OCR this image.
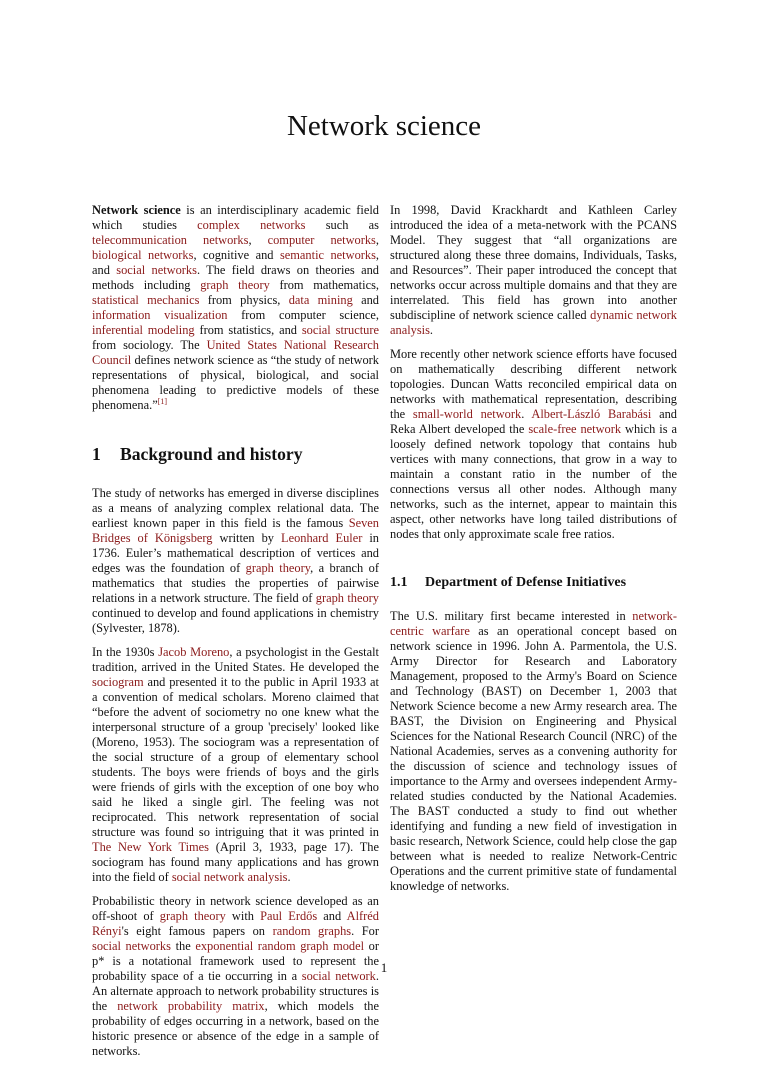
Network science

Network science is an interdisciplinary academic field which studies complex networks such as telecommunication networks, computer networks, biological networks, cognitive and semantic networks, and social networks. The field draws on theories and methods including graph theory from mathematics, statistical mechanics from physics, data mining and information visualization from computer science, inferential modeling from statistics, and social structure from sociology. The United States National Research Council defines network science as “the study of network representations of physical, biological, and social phenomena leading to predictive models of these phenomena.”[1]

1 Background and history

The study of networks has emerged in diverse disciplines as a means of analyzing complex relational data. The earliest known paper in this field is the famous Seven Bridges of Königsberg written by Leonhard Euler in 1736. Euler’s mathematical description of vertices and edges was the foundation of graph theory, a branch of mathematics that studies the properties of pairwise relations in a network structure. The field of graph theory continued to develop and found applications in chemistry (Sylvester, 1878).

In the 1930s Jacob Moreno, a psychologist in the Gestalt tradition, arrived in the United States. He developed the sociogram and presented it to the public in April 1933 at a convention of medical scholars. Moreno claimed that “before the advent of sociometry no one knew what the interpersonal structure of a group 'precisely' looked like (Moreno, 1953). The sociogram was a representation of the social structure of a group of elementary school students. The boys were friends of boys and the girls were friends of girls with the exception of one boy who said he liked a single girl. The feeling was not reciprocated. This network representation of social structure was found so intriguing that it was printed in The New York Times (April 3, 1933, page 17). The sociogram has found many applications and has grown into the field of social network analysis.

Probabilistic theory in network science developed as an off-shoot of graph theory with Paul Erdős and Alfréd Rényi's eight famous papers on random graphs. For social networks the exponential random graph model or p* is a notational framework used to represent the probability space of a tie occurring in a social network. An alternate approach to network probability structures is the network probability matrix, which models the probability of edges occurring in a network, based on the historic presence or absence of the edge in a sample of networks.

In 1998, David Krackhardt and Kathleen Carley introduced the idea of a meta-network with the PCANS Model. They suggest that “all organizations are structured along these three domains, Individuals, Tasks, and Resources”. Their paper introduced the concept that networks occur across multiple domains and that they are interrelated. This field has grown into another subdiscipline of network science called dynamic network analysis.

More recently other network science efforts have focused on mathematically describing different network topologies. Duncan Watts reconciled empirical data on networks with mathematical representation, describing the small-world network. Albert-László Barabási and Reka Albert developed the scale-free network which is a loosely defined network topology that contains hub vertices with many connections, that grow in a way to maintain a constant ratio in the number of the connections versus all other nodes. Although many networks, such as the internet, appear to maintain this aspect, other networks have long tailed distributions of nodes that only approximate scale free ratios.

1.1 Department of Defense Initiatives

The U.S. military first became interested in network-centric warfare as an operational concept based on network science in 1996. John A. Parmentola, the U.S. Army Director for Research and Laboratory Management, proposed to the Army's Board on Science and Technology (BAST) on December 1, 2003 that Network Science become a new Army research area. The BAST, the Division on Engineering and Physical Sciences for the National Research Council (NRC) of the National Academies, serves as a convening authority for the discussion of science and technology issues of importance to the Army and oversees independent Army-related studies conducted by the National Academies. The BAST conducted a study to find out whether identifying and funding a new field of investigation in basic research, Network Science, could help close the gap between what is needed to realize Network-Centric Operations and the current primitive state of fundamental knowledge of networks.

1
